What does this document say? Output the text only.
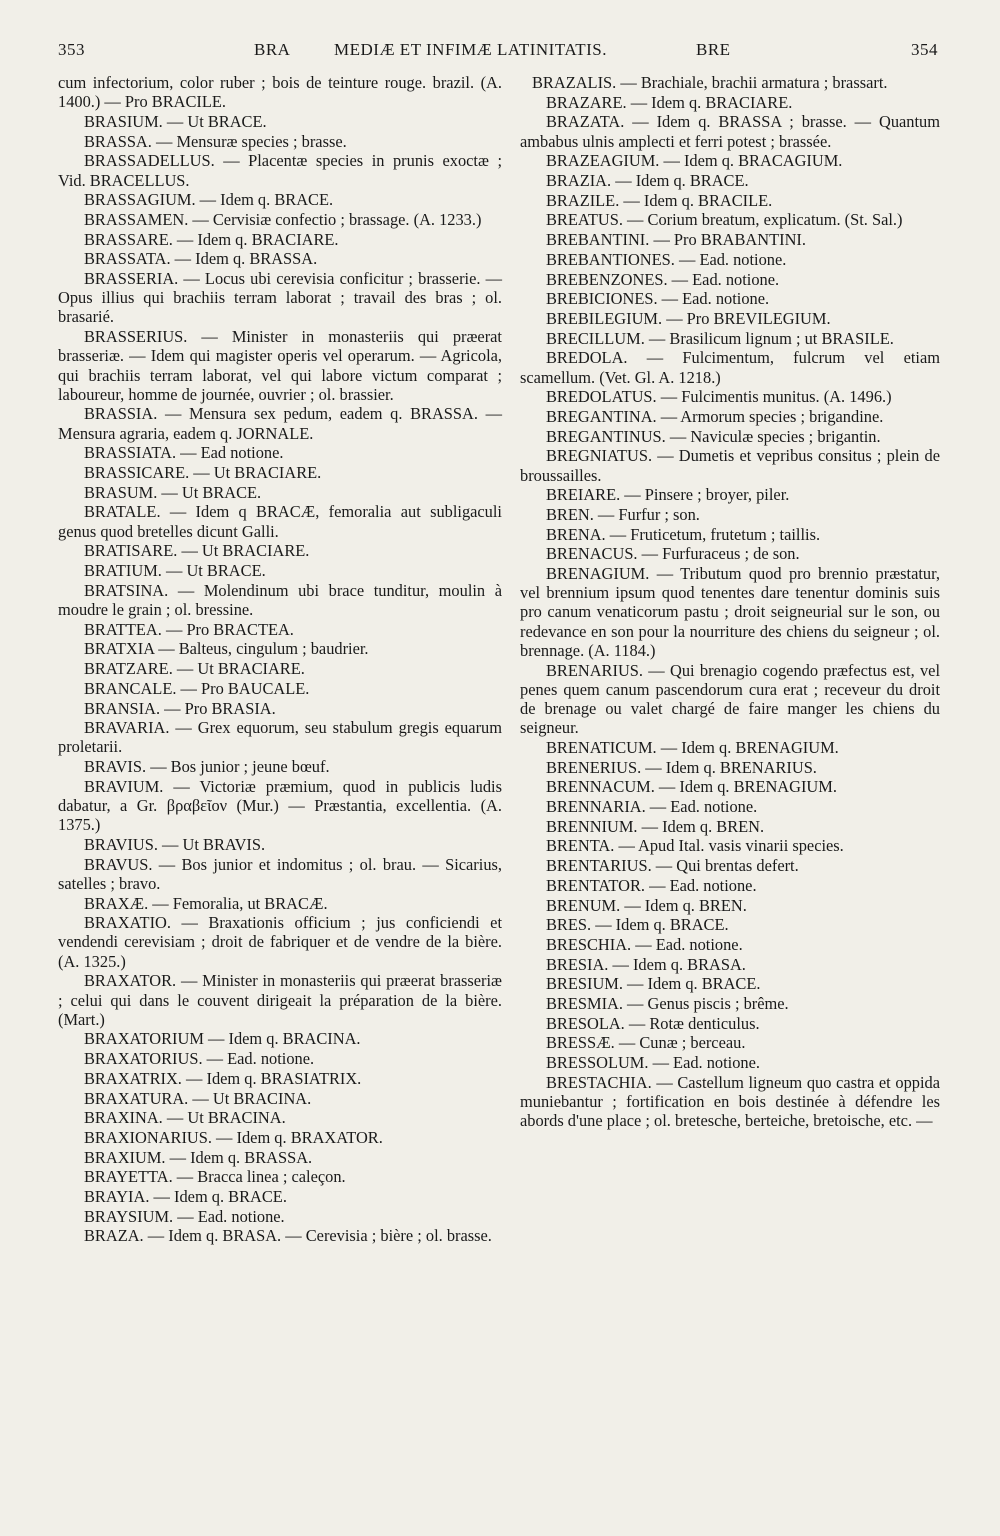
353	BRA	MEDIÆ ET INFIMÆ LATINITATIS.	BRE	354
cum infectorium, color ruber ; bois de teinture rouge. brazil. (A. 1400.) — Pro BRACILE.
BRASIUM. — Ut BRACE.
BRASSA. — Mensuræ species ; brasse.
BRASSADELLUS. — Placentæ species in prunis exoctæ ; Vid. BRACELLUS.
BRASSAGIUM. — Idem q. BRACE.
BRASSAMEN. — Cervisiæ confectio ; brassage. (A. 1233.)
BRASSARE. — Idem q. BRACIARE.
BRASSATA. — Idem q. BRASSA.
BRASSERIA. — Locus ubi cerevisia conficitur ; brasserie. — Opus illius qui brachiis terram laborat ; travail des bras ; ol. brasarié.
BRASSERIUS. — Minister in monasteriis qui præerat brasseriæ. — Idem qui magister operis vel operarum. — Agricola, qui brachiis terram laborat, vel qui labore victum comparat ; laboureur, homme de journée, ouvrier ; ol. brassier.
BRASSIA. — Mensura sex pedum, eadem q. BRASSA. — Mensura agraria, eadem q. JORNALE.
BRASSIATA. — Ead notione.
BRASSICARE. — Ut BRACIARE.
BRASUM. — Ut BRACE.
BRATALE. — Idem q BRACÆ, femoralia aut subligaculi genus quod bretelles dicunt Galli.
BRATISARE. — Ut BRACIARE.
BRATIUM. — Ut BRACE.
BRATSINA. — Molendinum ubi brace tunditur, moulin à moudre le grain ; ol. bressine.
BRATTEA. — Pro BRACTEA.
BRATXIA — Balteus, cingulum ; baudrier.
BRATZARE. — Ut BRACIARE.
BRANCALE. — Pro BAUCALE.
BRANSIA. — Pro BRASIA.
BRAVARIA. — Grex equorum, seu stabulum gregis equarum proletarii.
BRAVIS. — Bos junior ; jeune bœuf.
BRAVIUM. — Victoriæ præmium, quod in publicis ludis dabatur, a Gr. βραβεῖον (Mur.) — Præstantia, excellentia. (A. 1375.)
BRAVIUS. — Ut BRAVIS.
BRAVUS. — Bos junior et indomitus ; ol. brau. — Sicarius, satelles ; bravo.
BRAXÆ. — Femoralia, ut BRACÆ.
BRAXATIO. — Braxationis officium ; jus conficiendi et vendendi cerevisiam ; droit de fabriquer et de vendre de la bière. (A. 1325.)
BRAXATOR. — Minister in monasteriis qui præerat brasseriæ ; celui qui dans le couvent dirigeait la préparation de la bière. (Mart.)
BRAXATORIUM — Idem q. BRACINA.
BRAXATORIUS. — Ead. notione.
BRAXATRIX. — Idem q. BRASIATRIX.
BRAXATURA. — Ut BRACINA.
BRAXINA. — Ut BRACINA.
BRAXIONARIUS. — Idem q. BRAXATOR.
BRAXIUM. — Idem q. BRASSA.
BRAYETTA. — Bracca linea ; caleçon.
BRAYIA. — Idem q. BRACE.
BRAYSIUM. — Ead. notione.
BRAZA. — Idem q. BRASA. — Cerevisia ; bière ; ol. brasse.
BRAZALIS. — Brachiale, brachii armatura ; brassart.
BRAZARE. — Idem q. BRACIARE.
BRAZATA. — Idem q. BRASSA ; brasse. — Quantum ambabus ulnis amplecti et ferri potest ; brassée.
BRAZEAGIUM. — Idem q. BRACAGIUM.
BRAZIA. — Idem q. BRACE.
BRAZILE. — Idem q. BRACILE.
BREATUS. — Corium breatum, explicatum. (St. Sal.)
BREBANTINI. — Pro BRABANTINI.
BREBANTIONES. — Ead. notione.
BREBENZONES. — Ead. notione.
BREBICIONES. — Ead. notione.
BREBILEGIUM. — Pro BREVILEGIUM.
BRECILLUM. — Brasilicum lignum ; ut BRASILE.
BREDOLA. — Fulcimentum, fulcrum vel etiam scamellum. (Vet. Gl. A. 1218.)
BREDOLATUS. — Fulcimentis munitus. (A. 1496.)
BREGANTINA. — Armorum species ; brigandine.
BREGANTINUS. — Naviculæ species ; brigantin.
BREGNIATUS. — Dumetis et vepribus consitus ; plein de broussailles.
BREIARE. — Pinsere ; broyer, piler.
BREN. — Furfur ; son.
BRENA. — Fruticetum, frutetum ; taillis.
BRENACUS. — Furfuraceus ; de son.
BRENAGIUM. — Tributum quod pro brennio præstatur, vel brennium ipsum quod tenentes dare tenentur dominis suis pro canum venaticorum pastu ; droit seigneurial sur le son, ou redevance en son pour la nourriture des chiens du seigneur ; ol. brennage. (A. 1184.)
BRENARIUS. — Qui brenagio cogendo præfectus est, vel penes quem canum pascendorum cura erat ; receveur du droit de brenage ou valet chargé de faire manger les chiens du seigneur.
BRENATICUM. — Idem q. BRENAGIUM.
BRENERIUS. — Idem q. BRENARIUS.
BRENNACUM. — Idem q. BRENAGIUM.
BRENNARIA. — Ead. notione.
BRENNIUM. — Idem q. BREN.
BRENTA. — Apud Ital. vasis vinarii species.
BRENTARIUS. — Qui brentas defert.
BRENTATOR. — Ead. notione.
BRENUM. — Idem q. BREN.
BRES. — Idem q. BRACE.
BRESCHIA. — Ead. notione.
BRESIA. — Idem q. BRASA.
BRESIUM. — Idem q. BRACE.
BRESMIA. — Genus piscis ; brême.
BRESOLA. — Rotæ denticulus.
BRESSÆ. — Cunæ ; berceau.
BRESSOLUM. — Ead. notione.
BRESTACHIA. — Castellum ligneum quo castra et oppida muniebantur ; fortification en bois destinée à défendre les abords d'une place ; ol. bretesche, berteiche, bretoische, etc. —
